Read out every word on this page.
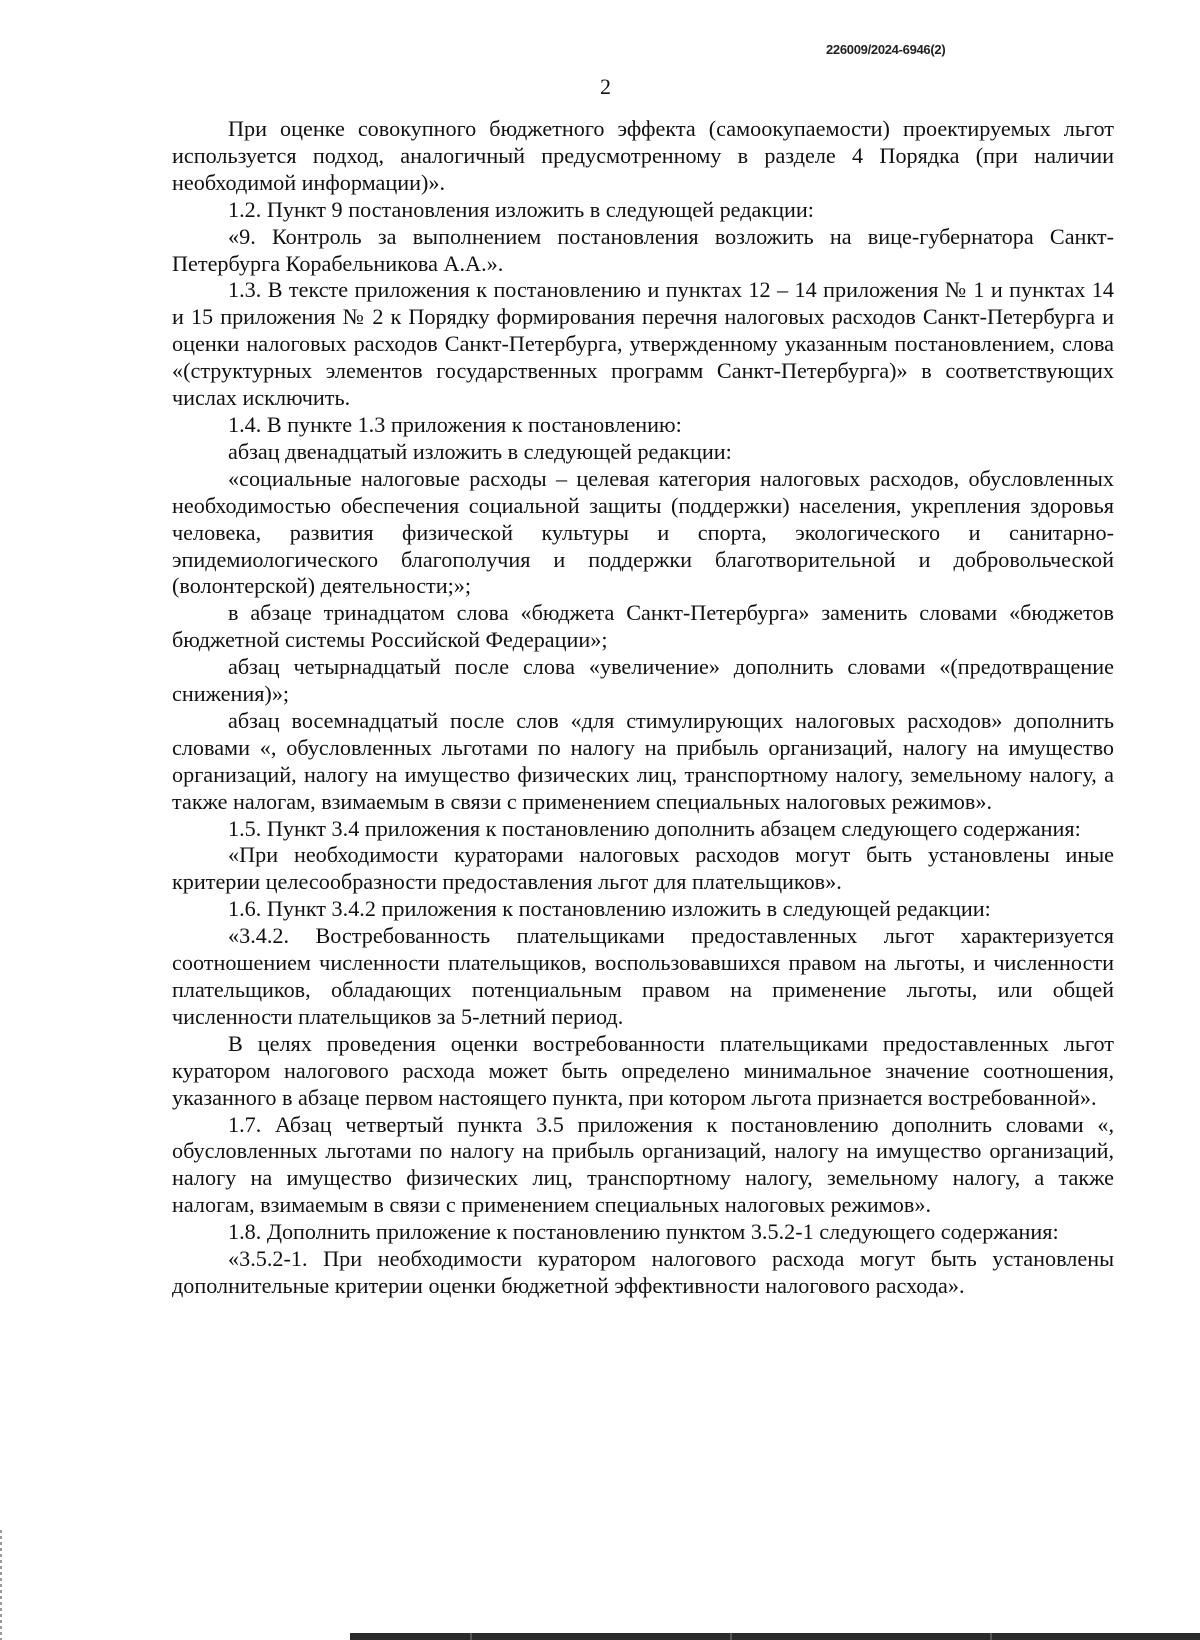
226009/2024-6946(2)
2

При оценке совокупного бюджетного эффекта (самоокупаемости) проектируемых льгот используется подход, аналогичный предусмотренному в разделе 4 Порядка (при наличии необходимой информации)».

1.2. Пункт 9 постановления изложить в следующей редакции:

«9. Контроль за выполнением постановления возложить на вице-губернатора Санкт-Петербурга Корабельникова А.А.».

1.3. В тексте приложения к постановлению и пунктах 12 – 14 приложения № 1 и пунктах 14 и 15 приложения № 2 к Порядку формирования перечня налоговых расходов Санкт-Петербурга и оценки налоговых расходов Санкт-Петербурга, утвержденному указанным постановлением, слова «(структурных элементов государственных программ Санкт-Петербурга)» в соответствующих числах исключить.

1.4. В пункте 1.3 приложения к постановлению:

абзац двенадцатый изложить в следующей редакции:

«социальные налоговые расходы – целевая категория налоговых расходов, обусловленных необходимостью обеспечения социальной защиты (поддержки) населения, укрепления здоровья человека, развития физической культуры и спорта, экологического и санитарно-эпидемиологического благополучия и поддержки благотворительной и добровольческой (волонтерской) деятельности;»;

в абзаце тринадцатом слова «бюджета Санкт-Петербурга» заменить словами «бюджетов бюджетной системы Российской Федерации»;

абзац четырнадцатый после слова «увеличение» дополнить словами «(предотвращение снижения)»;

абзац восемнадцатый после слов «для стимулирующих налоговых расходов» дополнить словами «, обусловленных льготами по налогу на прибыль организаций, налогу на имущество организаций, налогу на имущество физических лиц, транспортному налогу, земельному налогу, а также налогам, взимаемым в связи с применением специальных налоговых режимов».

1.5. Пункт 3.4 приложения к постановлению дополнить абзацем следующего содержания:

«При необходимости кураторами налоговых расходов могут быть установлены иные критерии целесообразности предоставления льгот для плательщиков».

1.6. Пункт 3.4.2 приложения к постановлению изложить в следующей редакции:

«3.4.2. Востребованность плательщиками предоставленных льгот характеризуется соотношением численности плательщиков, воспользовавшихся правом на льготы, и численности плательщиков, обладающих потенциальным правом на применение льготы, или общей численности плательщиков за 5-летний период.

В целях проведения оценки востребованности плательщиками предоставленных льгот куратором налогового расхода может быть определено минимальное значение соотношения, указанного в абзаце первом настоящего пункта, при котором льгота признается востребованной».

1.7. Абзац четвертый пункта 3.5 приложения к постановлению дополнить словами «, обусловленных льготами по налогу на прибыль организаций, налогу на имущество организаций, налогу на имущество физических лиц, транспортному налогу, земельному налогу, а также налогам, взимаемым в связи с применением специальных налоговых режимов».

1.8. Дополнить приложение к постановлению пунктом 3.5.2-1 следующего содержания:

«3.5.2-1. При необходимости куратором налогового расхода могут быть установлены дополнительные критерии оценки бюджетной эффективности налогового расхода».
